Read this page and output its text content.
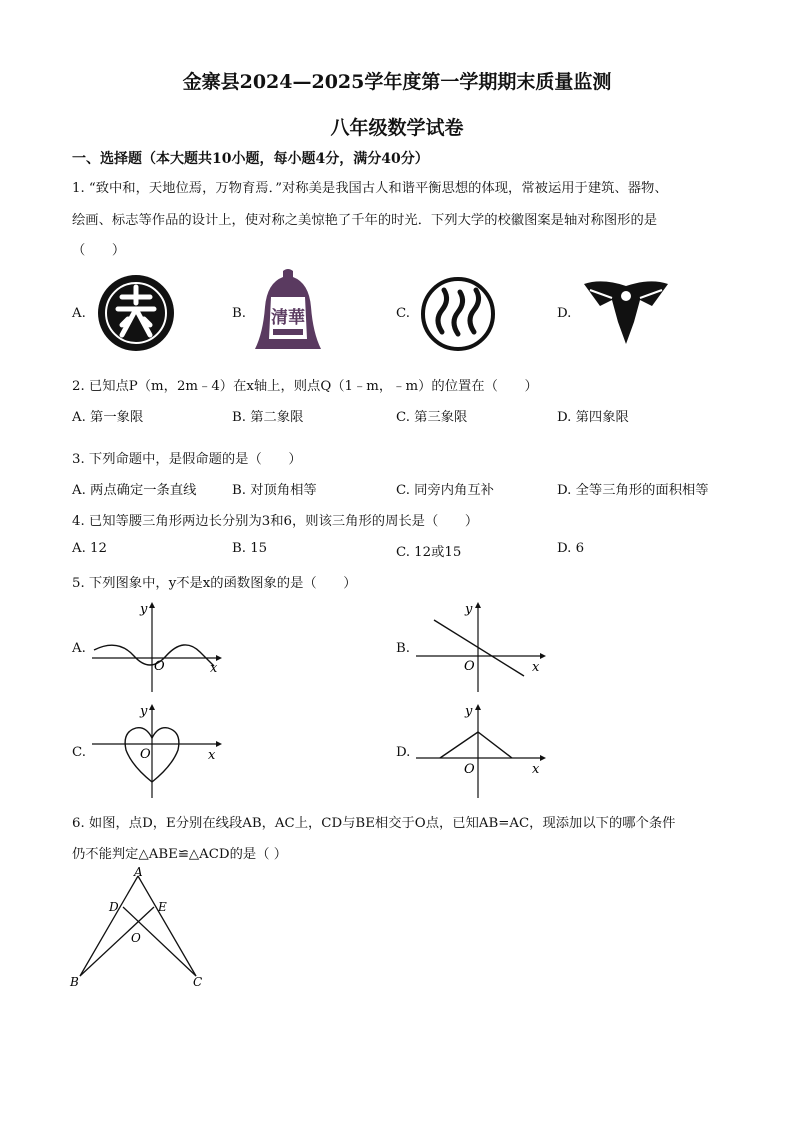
金寨县2024—2025学年度第一学期期末质量监测
八年级数学试卷
一、选择题（本大题共10小题，每小题4分，满分40分）
1. “致中和，天地位焉，万物育焉．”对称美是我国古人和谐平衡思想的体现，常被运用于建筑、器物、
绘画、标志等作品的设计上，使对称之美惊艳了千年的时光．下列大学的校徽图案是轴对称图形的是
（　　）
A.	B.	C.	D.
清華
2. 已知点P（m，2m﹣4）在x轴上，则点Q（1﹣m，﹣m）的位置在（　　）
A. 第一象限	B. 第二象限	C. 第三象限	D. 第四象限
3. 下列命题中，是假命题的是（　　）
A. 两点确定一条直线	B. 对顶角相等	C. 同旁内角互补	D. 全等三角形的面积相等
4. 已知等腰三角形两边长分别为3和6，则该三角形的周长是（　　）
A. 12	B. 15	C. 12或15	D. 6
5. 下列图象中，y不是x的函数图象的是（　　）
A.	B.
C.	D.
y
x
O
y
x
O
y
x
O
y
x
O
6. 如图，点D，E分别在线段AB，AC上，CD与BE相交于O点，已知AB=AC，现添加以下的哪个条件
仍不能判定△ABE≌△ACD的是（ ）
A
B	C
D	E
O
